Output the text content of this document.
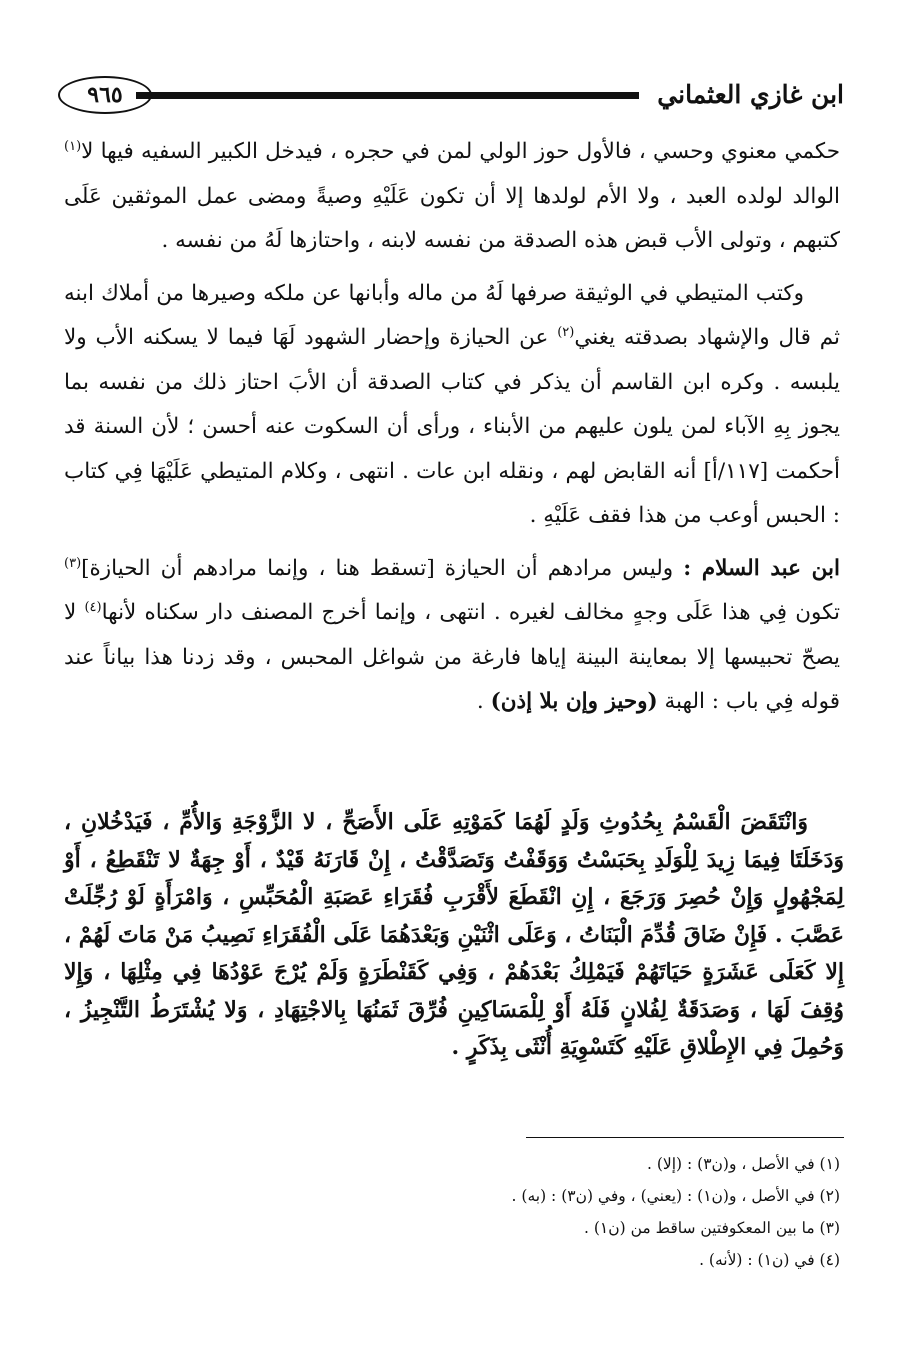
ابن غازي العثماني
٩٦٥

حكمي معنوي وحسي ، فالأول حوز الولي لمن في حجره ، فيدخل الكبير السفيه فيها لا$^{(١)}$ الوالد لولده العبد ، ولا الأم لولدها إلا أن تكون عَلَيْهِ وصيةً ومضى عمل الموثقين عَلَى كتبهم ، وتولى الأب قبض هذه الصدقة من نفسه لابنه ، واحتازها لَهُ من نفسه .

وكتب المتيطي في الوثيقة صرفها لَهُ من ماله وأبانها عن ملكه وصيرها من أملاك ابنه ثم قال والإشهاد بصدقته يغني$^{(٢)}$ عن الحيازة وإحضار الشهود لَهَا فيما لا يسكنه الأب ولا يلبسه . وكره ابن القاسم أن يذكر في كتاب الصدقة أن الأبَ احتاز ذلك من نفسه بما يجوز بِهِ الآباء لمن يلون عليهم من الأبناء ، ورأى أن السكوت عنه أحسن ؛ لأن السنة قد أحكمت [١١٧/أ] أنه القابض لهم ، ونقله ابن عات . انتهى ، وكلام المتيطي عَلَيْهَا فِي كتاب : الحبس أوعب من هذا فقف عَلَيْهِ .

ابن عبد السلام : وليس مرادهم أن الحيازة [تسقط هنا ، وإنما مرادهم أن الحيازة]$^{(٣)}$ تكون فِي هذا عَلَى وجهٍ مخالف لغيره . انتهى ، وإنما أخرج المصنف دار سكناه لأنها$^{(٤)}$ لا يصحّ تحبيسها إلا بمعاينة البينة إياها فارغة من شواغل المحبس ، وقد زدنا هذا بياناً عند قوله فِي باب : الهبة (وحيز وإن بلا إذن) .

وَانْتَقَضَ الْقَسْمُ بِحُدُوثِ وَلَدٍ لَهُمَا كَمَوْتِهِ عَلَى الأَصَحِّ ، لا الزَّوْجَةِ وَالأُمِّ ، فَيَدْخُلانِ ، وَدَخَلَتَا فِيمَا زِيدَ لِلْوَلَدِ بِحَبَسْتُ وَوَقَفْتُ وَتَصَدَّقْتُ ، إِنْ قَارَنَهُ قَيْدٌ ، أَوْ جِهَةٌ لا تَنْقَطِعُ ، أَوْ لِمَجْهُولٍ وَإِنْ حُصِرَ وَرَجَعَ ، إِنِ انْقَطَعَ لأَقْرَبِ فُقَرَاءِ عَصَبَةِ الْمُحَبِّسِ ، وَامْرَأَةٍ لَوْ رُجِّلَتْ عَصَّبَ . فَإِنْ ضَاقَ قُدِّمَ الْبَنَاتُ ، وَعَلَى اثْنَيْنِ وَبَعْدَهُمَا عَلَى الْفُقَرَاءِ نَصِيبُ مَنْ مَاتَ لَهُمْ ، إِلا كَعَلَى عَشَرَةٍ حَيَاتَهُمْ فَيَمْلِكُ بَعْدَهُمْ ، وَفِي كَقَنْطَرَةٍ وَلَمْ يُرْجَ عَوْدُهَا فِي مِثْلِهَا ، وَإِلا وُقِفَ لَهَا ، وَصَدَقَةٌ لِفُلانٍ فَلَهُ أَوْ لِلْمَسَاكِينِ فُرِّقَ ثَمَنُهَا بِالاجْتِهَادِ ، وَلا يُشْتَرَطُ التَّنْجِيزُ ، وَحُمِلَ فِي الإِطْلاقِ عَلَيْهِ كَتَسْوِيَةِ أُنْثَى بِذَكَرٍ .

(١) في الأصل ، و(ن٣) : (إلا) .
(٢) في الأصل ، و(ن١) : (يعني) ، وفي (ن٣) : (به) .
(٣) ما بين المعكوفتين ساقط من (ن١) .
(٤) في (ن١) : (لأنه) .
